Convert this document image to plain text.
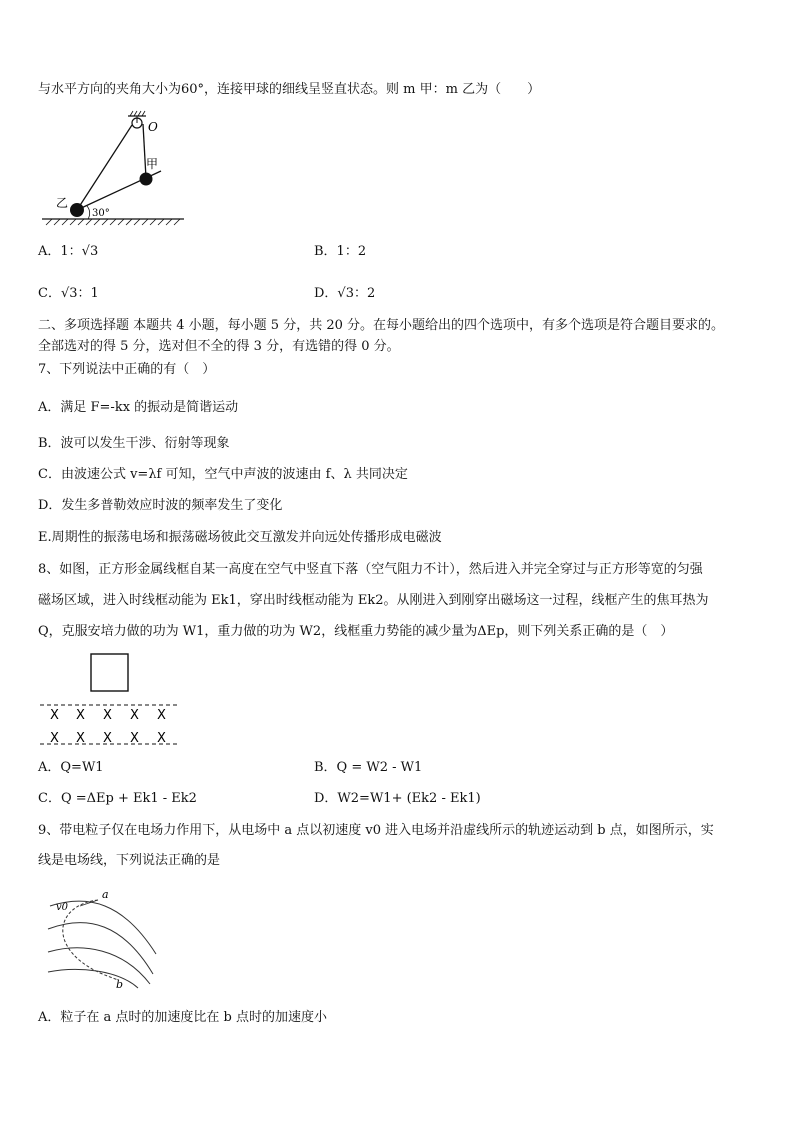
与水平方向的夹角大小为60°，连接甲球的细线呈竖直状态。则 m 甲：m 乙为（　　）
O
甲
乙
30°
A．1：√3	B．1：2
C．√3：1	D．√3：2
二、多项选择题 本题共 4 小题，每小题 5 分，共 20 分。在每小题给出的四个选项中，有多个选项是符合题目要求的。
全部选对的得 5 分，选对但不全的得 3 分，有选错的得 0 分。
7、下列说法中正确的有（　）
A．满足 F=-kx 的振动是简谐运动
B．波可以发生干涉、衍射等现象
C．由波速公式 v=λf 可知，空气中声波的波速由 f、λ 共同决定
D．发生多普勒效应时波的频率发生了变化
E.周期性的振荡电场和振荡磁场彼此交互激发并向远处传播形成电磁波
8、如图，正方形金属线框自某一高度在空气中竖直下落（空气阻力不计），然后进入并完全穿过与正方形等宽的匀强
磁场区域，进入时线框动能为 Ek1，穿出时线框动能为 Ek2。从刚进入到刚穿出磁场这一过程，线框产生的焦耳热为
Q，克服安培力做的功为 W1，重力做的功为 W2，线框重力势能的减少量为ΔEp，则下列关系正确的是（　）
X X X X X
X X X X X
A．Q=W1	B．Q = W2 - W1
C．Q =ΔEp + Ek1 - Ek2	D．W2=W1+ (Ek2 - Ek1)
9、带电粒子仅在电场力作用下，从电场中 a 点以初速度 v0 进入电场并沿虚线所示的轨迹运动到 b 点，如图所示，实
线是电场线，下列说法正确的是
a
b
v0
A．粒子在 a 点时的加速度比在 b 点时的加速度小
